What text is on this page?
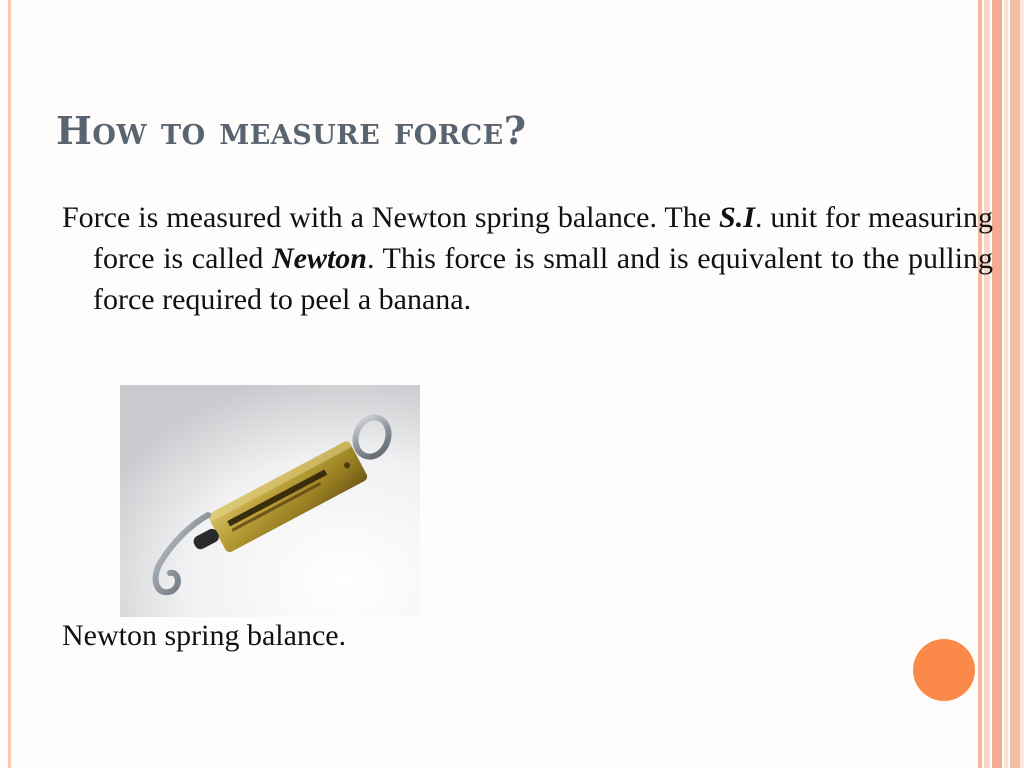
How to measure force?

Force is measured with a Newton spring balance. The S.I. unit for measuring force is called Newton. This force is small and is equivalent to the pulling force required to peel a banana.

Newton spring balance.
